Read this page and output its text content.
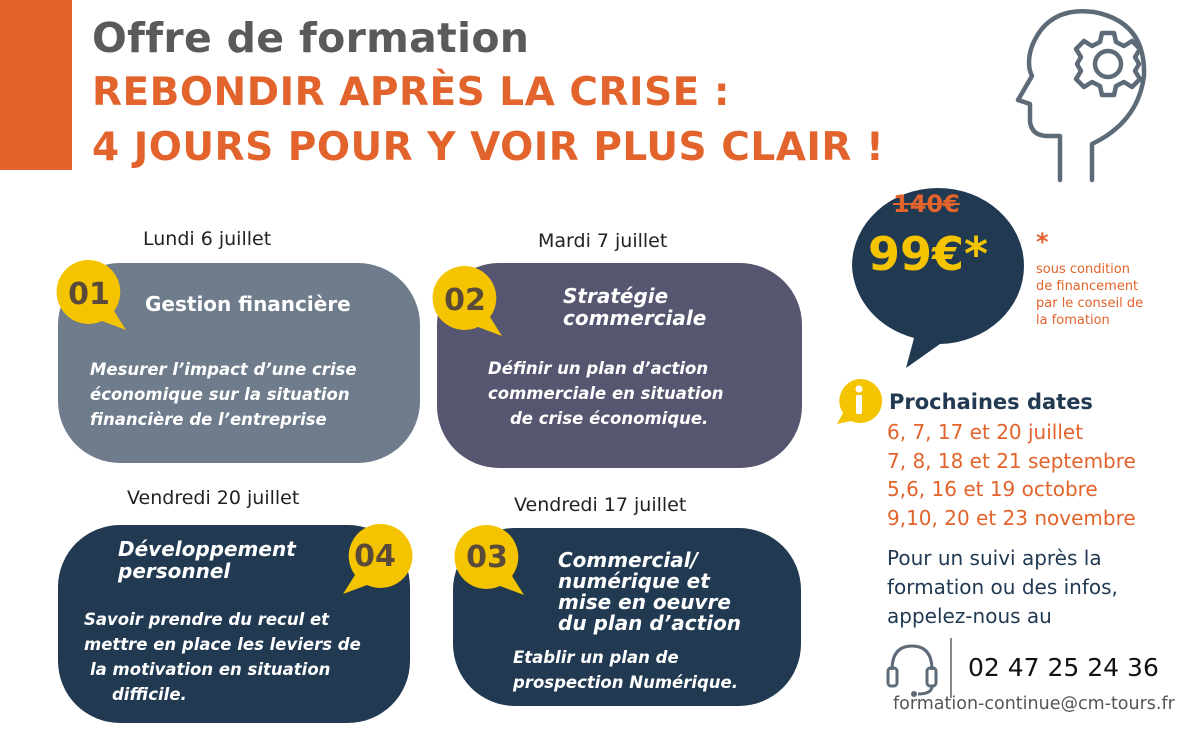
Offre de formation
REBONDIR APRÈS LA CRISE :
4 JOURS POUR Y VOIR PLUS CLAIR !
Lundi 6 juillet
01	Gestion financière
Mesurer l’impact d’une crise
économique sur la situation
financière de l’entreprise
Mardi 7 juillet
02	Stratégie
commerciale
Définir un plan d’action
commerciale en situation
de crise économique.
Vendredi 20 juillet
04
Développement
personnel
Savoir prendre du recul et
mettre en place les leviers de
la motivation en situation
difficile.
Vendredi 17 juillet
03	Commercial/
numérique et
mise en oeuvre
du plan d’action
Etablir un plan de
prospection Numérique.
140€
99€* *
sous condition
de financement
par le conseil de
la fomation
Prochaines dates
6, 7, 17 et 20 juillet
7, 8, 18 et 21 septembre
5,6, 16 et 19 octobre
9,10, 20 et 23 novembre
Pour un suivi après la
formation ou des infos,
appelez-nous au
02 47 25 24 36
formation-continue@cm-tours.fr
